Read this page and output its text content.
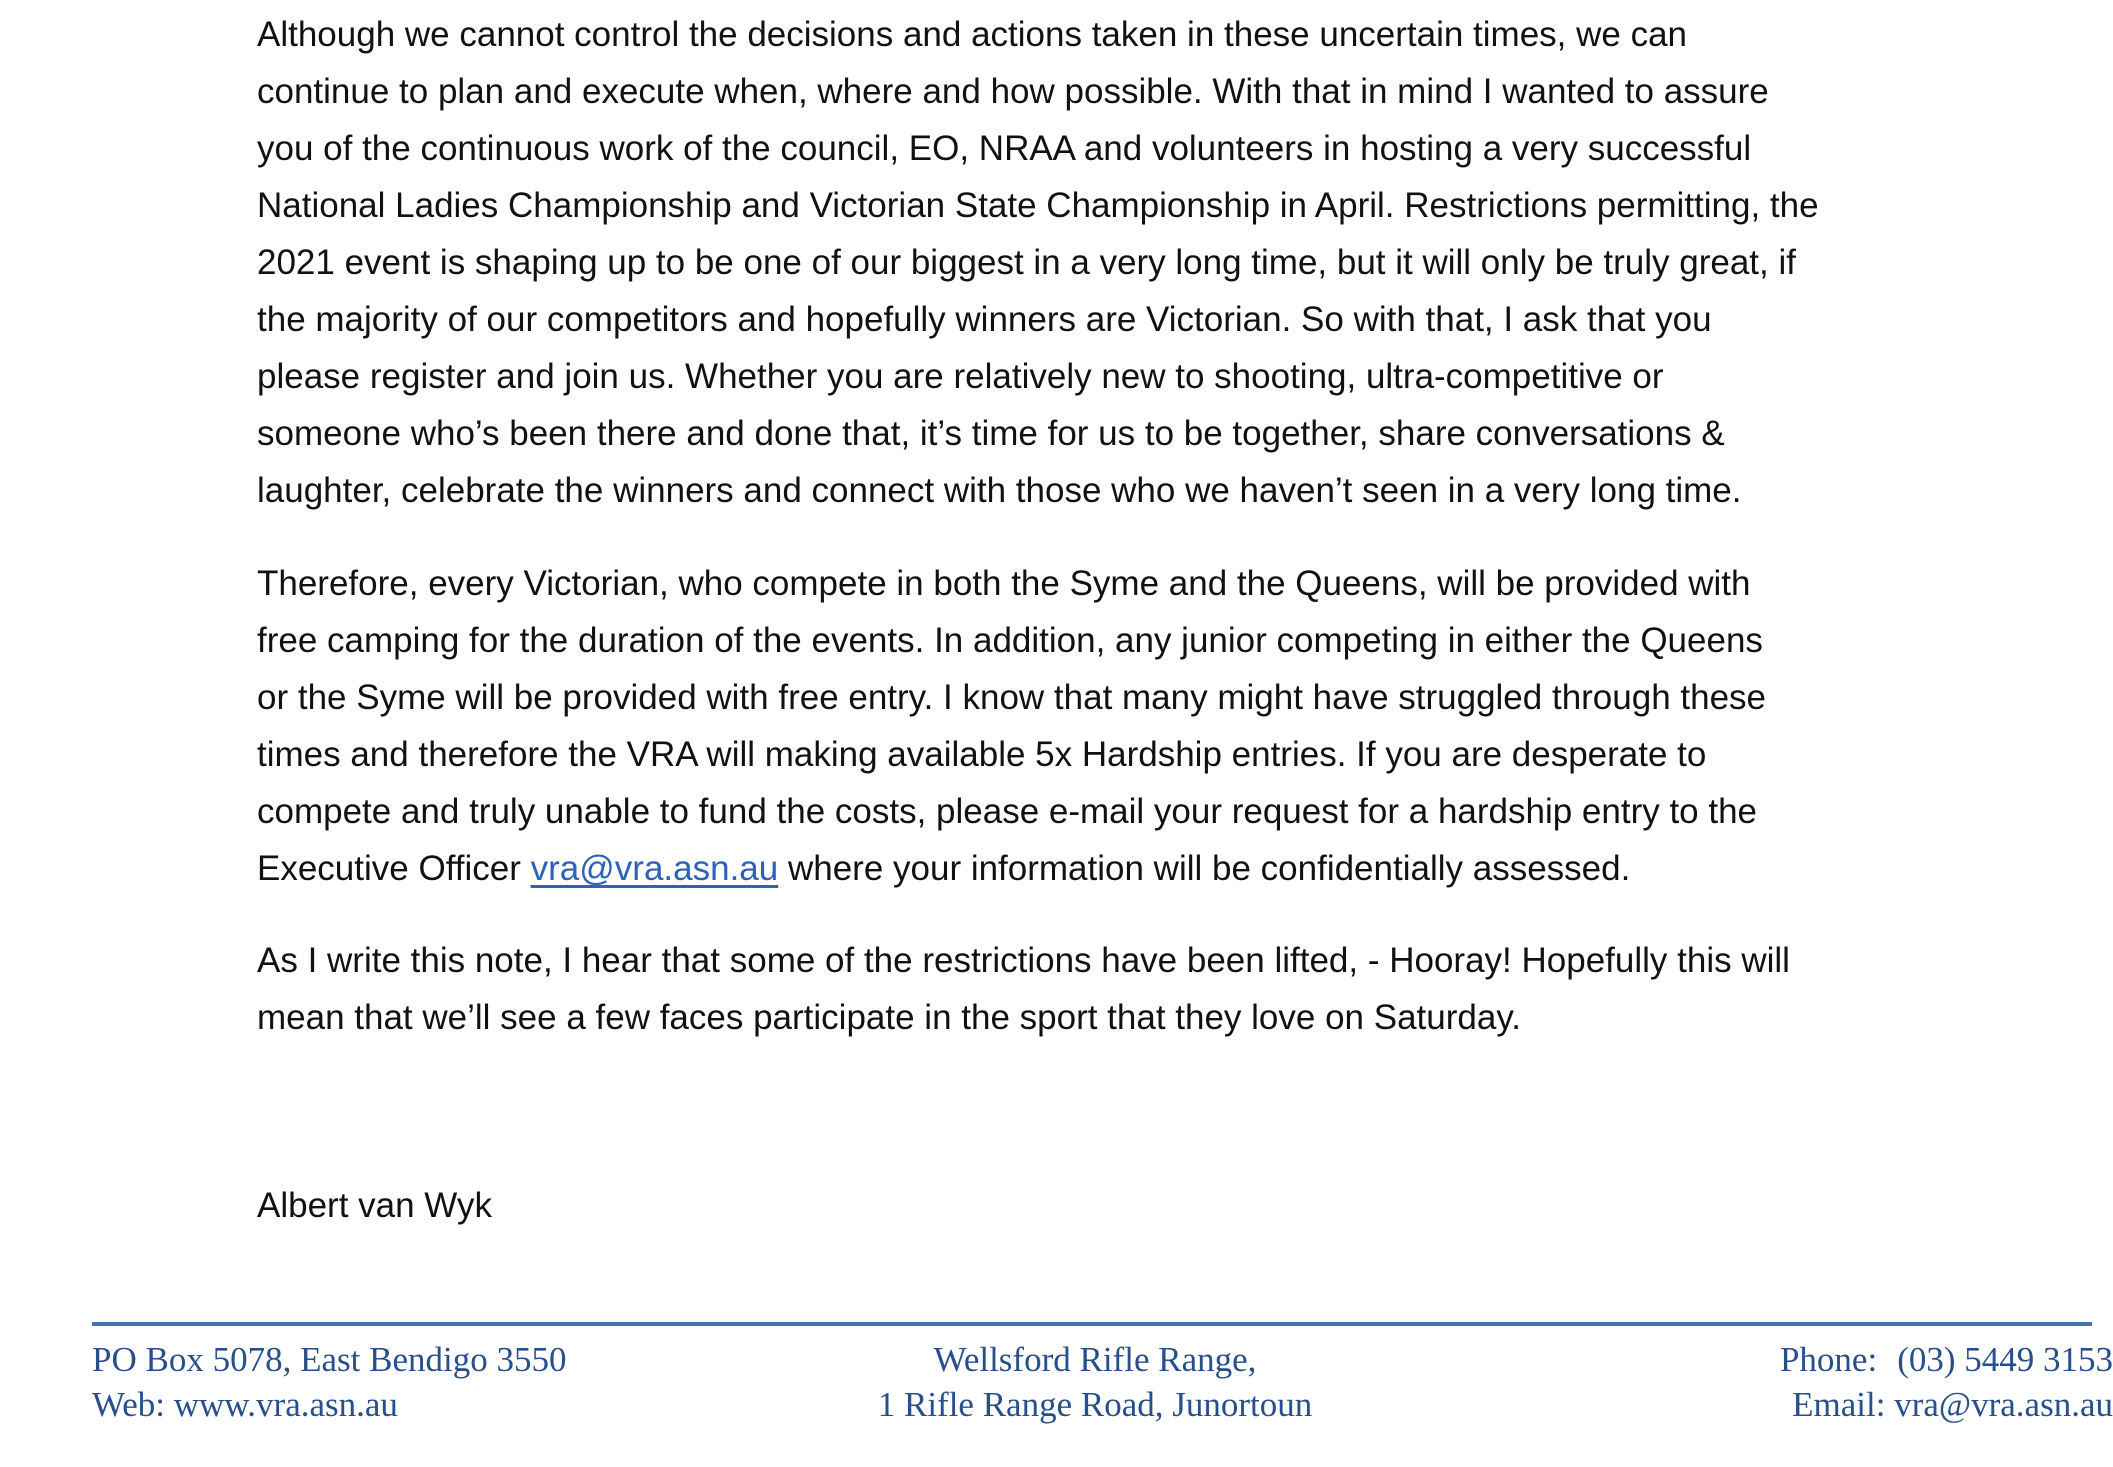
Although we cannot control the decisions and actions taken in these uncertain times, we can
continue to plan and execute when, where and how possible. With that in mind I wanted to assure
you of the continuous work of the council, EO, NRAA and volunteers in hosting a very successful
National Ladies Championship and Victorian State Championship in April. Restrictions permitting, the
2021 event is shaping up to be one of our biggest in a very long time, but it will only be truly great, if
the majority of our competitors and hopefully winners are Victorian. So with that, I ask that you
please register and join us. Whether you are relatively new to shooting, ultra-competitive or
someone who’s been there and done that, it’s time for us to be together, share conversations &
laughter, celebrate the winners and connect with those who we haven’t seen in a very long time.
Therefore, every Victorian, who compete in both the Syme and the Queens, will be provided with
free camping for the duration of the events. In addition, any junior competing in either the Queens
or the Syme will be provided with free entry. I know that many might have struggled through these
times and therefore the VRA will making available 5x Hardship entries. If you are desperate to
compete and truly unable to fund the costs, please e-mail your request for a hardship entry to the
Executive Officer vra@vra.asn.au where your information will be confidentially assessed.
As I write this note, I hear that some of the restrictions have been lifted, - Hooray! Hopefully this will
mean that we’ll see a few faces participate in the sport that they love on Saturday.
Albert van Wyk
PO Box 5078, East Bendigo 3550
Web: www.vra.asn.au
Wellsford Rifle Range,
1 Rifle Range Road, Junortoun
Phone: (03) 5449 3153
Email: vra@vra.asn.au
